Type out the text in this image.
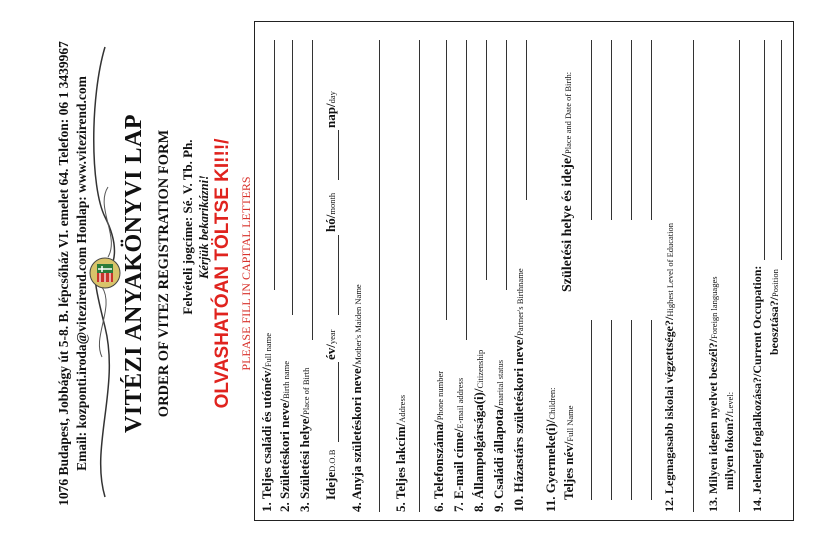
1076 Budapest, Jobbágy út 5-8. B. lépcsőház VI. emelet 64. Telefon: 06 1 3439967 Email: kozponti.iroda@vitezirend.com Honlap: www.vitezirend.com VITÉZI ANYAKÖNYVI LAP ORDER OF VITEZ REGISTRATION FORM Felvételi jogcíme: Sé. V. Tb. Ph. Kérjük bekarikázni! OLVASHATÓAN TÖLTSE KI!!!/ PLEASE FILL IN CAPITAL LETTERS
1. Teljes családi és utónév/Full name
2. Születéskori neve/Birth name
3. Születési helye/Place of Birth
IdejeD.O.B
év/year
hó/month
nap/day
4. Anyja születéskori neve/Mother's Maiden Name
5. Teljes lakcím/Address
6. Telefonszáma/Phone number
7. E-mail címe/E-mail address 8. Állampolgársága(i)/Citizenship
9. Családi állapota/marital status 10. Házastárs születéskori neve/Partner's Birthname
11. Gyermeke(i)/Children:
Teljes név/Full Name
Születési helye és ideje/Place and Date of Birth:
12. Legmagasabb iskolai végzettsége?/Highest Level of Education
13. Milyen idegen nyelvet beszél?/Foreign languages
milyen fokon?/Level: 14. Jelenlegi foglalkozása?/Current Occupation: beosztása?/Position
